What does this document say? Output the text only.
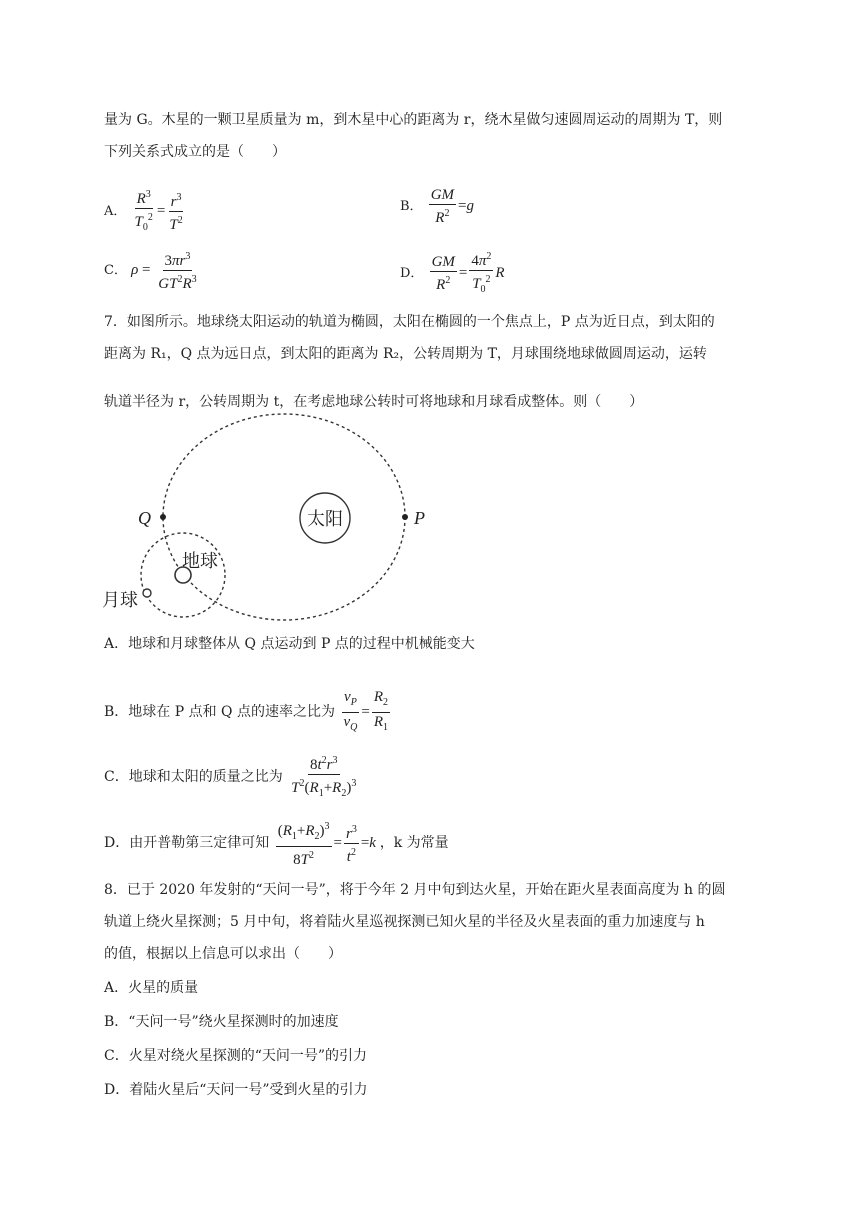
量为 G。木星的一颗卫星质量为 m，到木星中心的距离为 r，绕木星做匀速圆周运动的周期为 T，则
下列关系式成立的是（　　）
A． $\frac{R^3}{T_0^2} = \frac{r^3}{T^2}$	B． $\frac{GM}{R^2} =g$
C． $\rho = \frac{3\pi r^3}{GT^2R^3}$	D． $\frac{GM}{R^2} = \frac{4\pi^2}{T_0^2}$ R
7．如图所示。地球绕太阳运动的轨道为椭圆，太阳在椭圆的一个焦点上，P 点为近日点，到太阳的
距离为 R₁，Q 点为远日点，到太阳的距离为 R₂，公转周期为 T，月球围绕地球做圆周运动，运转
轨道半径为 r，公转周期为 t，在考虑地球公转时可将地球和月球看成整体。则（　　）
太阳
Q	P
地球
月球
A．地球和月球整体从 Q 点运动到 P 点的过程中机械能变大
B．地球在 P 点和 Q 点的速率之比为 $\frac{v_P}{v_Q} = \frac{R_2}{R_1}$
C．地球和太阳的质量之比为 $\frac{8t^2r^3}{T^2(R_1+R_2)^3}$
D．由开普勒第三定律可知 $\frac{(R_1+R_2)^3}{8T^2} = \frac{r^3}{t^2} =k$ ，k 为常量
8．已于 2020 年发射的“天问一号”，将于今年 2 月中旬到达火星，开始在距火星表面高度为 h 的圆
轨道上绕火星探测；5 月中旬，将着陆火星巡视探测已知火星的半径及火星表面的重力加速度与 h
的值，根据以上信息可以求出（　　）
A．火星的质量
B．“天问一号”绕火星探测时的加速度
C．火星对绕火星探测的“天问一号”的引力
D．着陆火星后“天问一号”受到火星的引力
